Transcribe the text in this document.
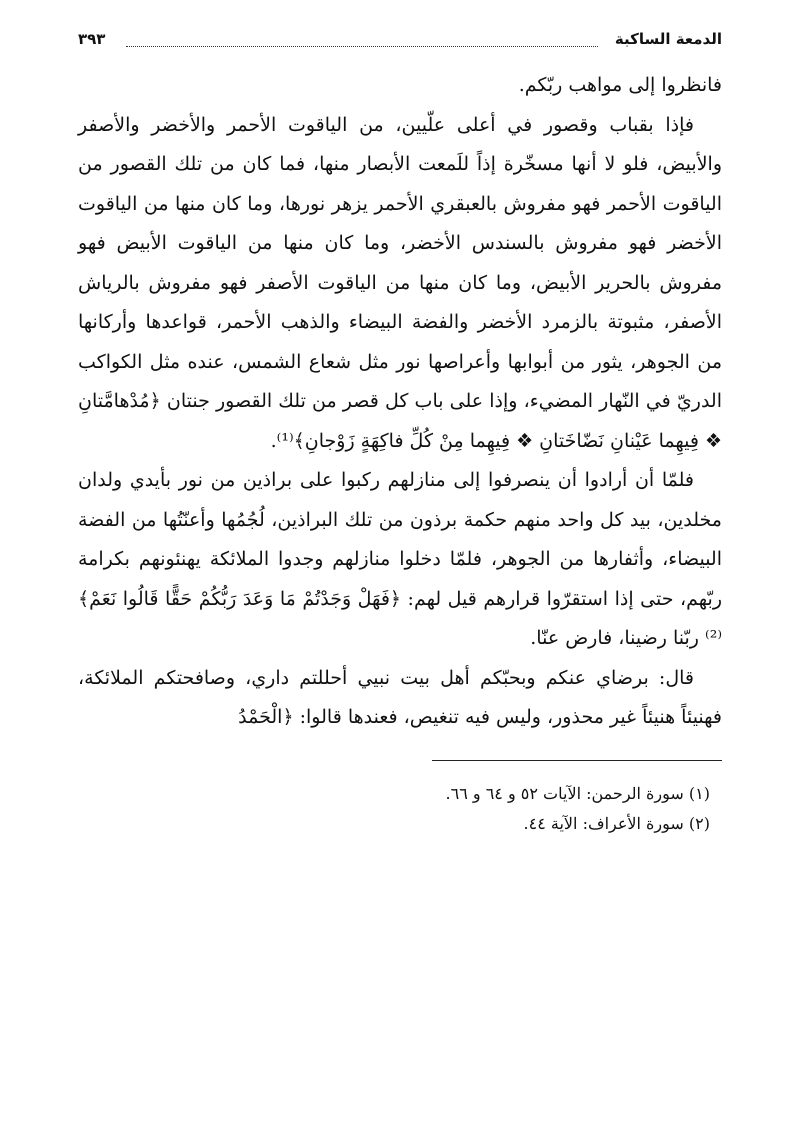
الدمعة الساكبة
٣٩٣

فانظروا إلى مواهب ربّكم.

فإذا بقباب وقصور في أعلى علّيين، من الياقوت الأحمر والأخضر والأصفر والأبيض، فلو لا أنها مسخّرة إذاً للَمعت الأبصار منها، فما كان من تلك القصور من الياقوت الأحمر فهو مفروش بالعبقري الأحمر يزهر نورها، وما كان منها من الياقوت الأخضر فهو مفروش بالسندس الأخضر، وما كان منها من الياقوت الأبيض فهو مفروش بالحرير الأبيض، وما كان منها من الياقوت الأصفر فهو مفروش بالرياش الأصفر، مثبوتة بالزمرد الأخضر والفضة البيضاء والذهب الأحمر، قواعدها وأركانها من الجوهر، يثور من أبوابها وأعراصها نور مثل شعاع الشمس، عنده مثل الكواكب الدريّ في النّهار المضيء، وإذا على باب كل قصر من تلك القصور جنتان ﴿مُدْهامَّتانِ ❖ فِيهِما عَيْنانِ نَضّاخَتانِ ❖ فِيهِما مِنْ كُلِّ فاكِهَةٍ زَوْجانِ﴾⁽¹⁾.

فلمّا أن أرادوا أن ينصرفوا إلى منازلهم ركبوا على براذين من نور بأيدي ولدان مخلدين، بيد كل واحد منهم حكمة برذون من تلك البراذين، لُجُمُها وأعنّتُها من الفضة البيضاء، وأثفارها من الجوهر، فلمّا دخلوا منازلهم وجدوا الملائكة يهنئونهم بكرامة ربّهم، حتى إذا استقرّوا قرارهم قيل لهم: ﴿فَهَلْ وَجَدْتُمْ مَا وَعَدَ رَبُّكُمْ حَقًّا قَالُوا نَعَمْ﴾⁽²⁾ ربّنا رضينا، فارض عنّا.

قال: برضاي عنكم وبحبّكم أهل بيت نبيي أحللتم داري، وصافحتكم الملائكة، فهنيئاً هنيئاً غير محذور، وليس فيه تنغيص، فعندها قالوا: ﴿الْحَمْدُ

(١) سورة الرحمن: الآيات ٥٢ و ٦٤ و ٦٦.

(٢) سورة الأعراف: الآية ٤٤.
